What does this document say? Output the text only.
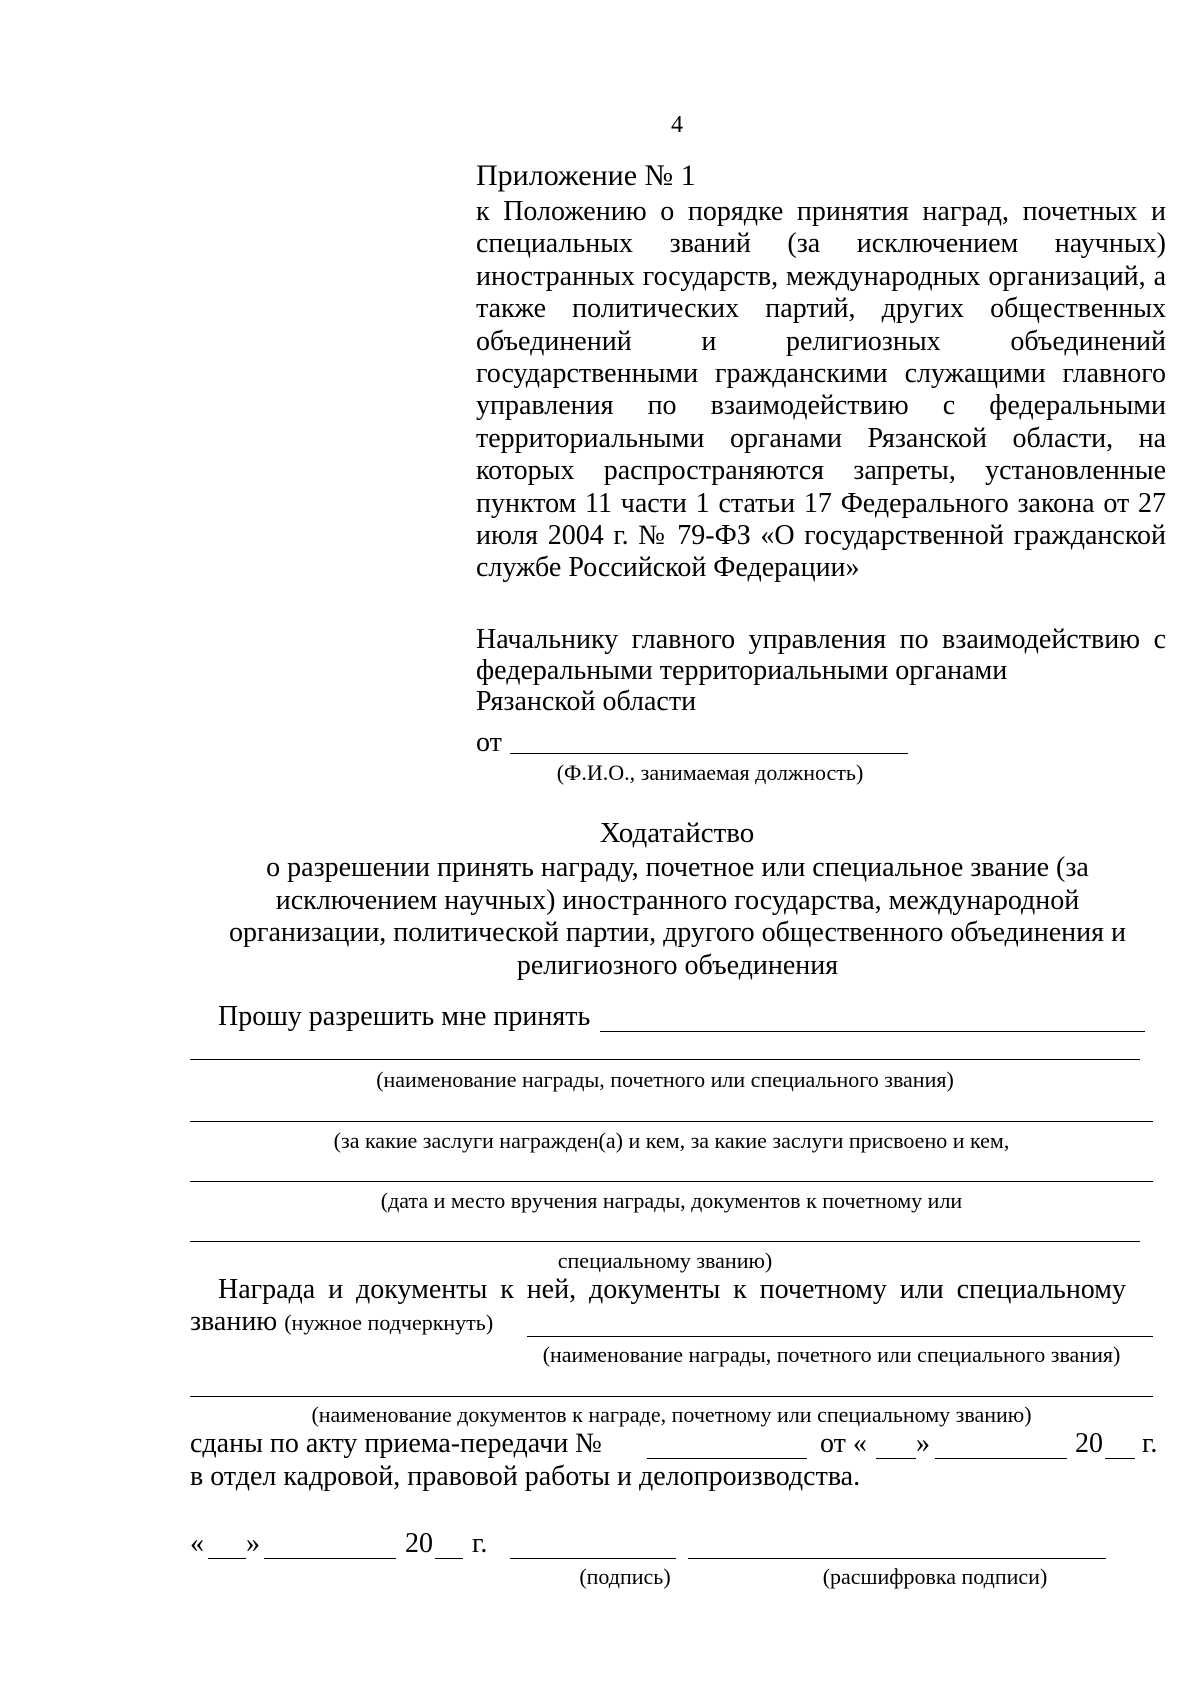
4
Приложение № 1
к Положению о порядке принятия наград, почетных и специальных званий (за исключением научных) иностранных государств, международных организаций, а также политических партий, других общественных объединений и религиозных объединений государственными гражданскими служащими главного управления по взаимодействию с федеральными территориальными органами Рязанской области, на которых распространяются запреты, установленные пунктом 11 части 1 статьи 17 Федерального закона от 27 июля 2004 г. № 79-ФЗ «О государственной гражданской службе Российской Федерации»
Начальнику главного управления по взаимодействию с
федеральными территориальными органами
Рязанской области
от
(Ф.И.О., занимаемая должность)
Ходатайство
о разрешении принять награду, почетное или специальное звание (за исключением научных) иностранного государства, международной организации, политической партии, другого общественного объединения и религиозного объединения
Прошу разрешить мне принять
(наименование награды, почетного или специального звания)
(за какие заслуги награжден(а) и кем, за какие заслуги присвоено и кем,
(дата и место вручения награды, документов к почетному или
специальному званию)
Награда и документы к ней, документы к почетному или специальному
званию (нужное подчеркнуть)
(наименование награды, почетного или специального звания)
(наименование документов к награде, почетному или специальному званию)
сданы по акту приема-передачи №	от « »	20 г.
в отдел кадровой, правовой работы и делопроизводства.
« »	20 г.
(подпись)	(расшифровка подписи)
